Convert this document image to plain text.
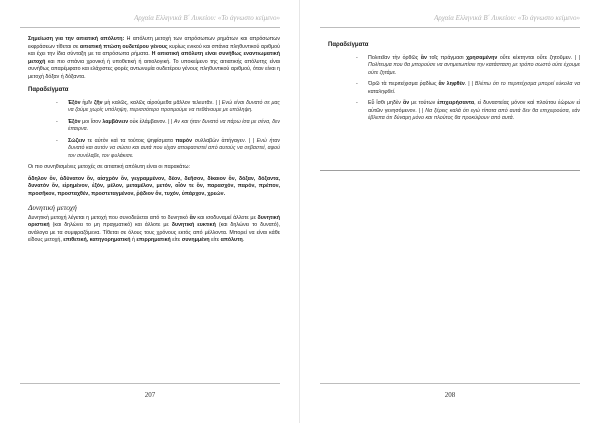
Αρχαία Ελληνικά Β΄ Λυκείου: «Το άγνωστο κείμενο»

Σημείωση για την αιτιατική απόλυτη: Η απόλυτη μετοχή των απρόσωπων ρημάτων και απρόσωπων εκφράσεων τίθεται σε αιτιατική πτώση ουδετέρου γένους κυρίως ενικού και σπάνια πληθυντικού αριθμού και έχει την ίδια σύνταξη με τα απρόσωπα ρήματα. Η αιτιατική απόλυτη είναι συνήθως εναντιωματική μετοχή και πιο σπάνια χρονική ή υποθετική ή αιτιολογική. Το υποκείμενο της αιτιατικής απόλυτης είναι συνήθως απαρέμφατο και ελάχιστες φορές αντωνυμία ουδετέρου γένους πληθυντικού αριθμού, όταν είναι η μετοχή δόξαν ή δόξαντα.

Παραδείγματα
- Ἐξὸν ἡμῖν ζῆν μὴ καλῶς, καλῶς αἱρούμεθα μᾶλλον τελευτᾶν. | | Ενώ είναι δυνατό σε μας να ζούμε χωρίς υπόληψη, περισσότερο προτιμούμε να πεθάνουμε με υπόληψη.
- Ἐξὸν μοι ἴσον λαμβάνειν οὐκ ἐλάμβανον. | | Αν και ήταν δυνατό να πάρω ίσα με σένα, δεν έπαιρνα.
- Σώζειν τε αὐτὸν καὶ τα τούτοις ψηφίσματα παρὸν συλλαβὼν ἀπήγαγεν. | | Ενώ ήταν δυνατό και αυτόν να σώσει και αυτά που είχαν αποφασιστεί από αυτούς να σεβαστεί, αφού τον συνέλαβε, τον φυλάκισε.

Οι πιο συνηθισμένες μετοχές σε αιτιατική απόλυτη είναι οι παρακάτω:

ἄδηλον ὄν, ἀδύνατον ὄν, αἰσχρὸν ὄν, γεγραμμένον, δέον, δεῆσον, δίκαιον ὄν, δόξαν, δόξαντα, δυνατὸν ὄν, εἰρημένον, ἐξόν, μέλον, μεταμέλον, μετόν, οἷόν τε ὄν, παρασχόν, παρόν, πρέπον, προσῆκον, προσταχθέν, προστεταγμένον, ῥᾴδιον ὄν, τυχόν, ὑπάρχον, χρεών.

Δυνητική μετοχή

Δυνητική μετοχή λέγεται η μετοχή που συνοδεύεται από το δυνητικό ἄν και ισοδυναμεί άλλοτε με δυνητική οριστική (και δηλώνει το μη πραγματικό) και άλλοτε με δυνητική ευκτική (και δηλώνει το δυνατό), ανάλογα με τα συμφραζόμενα. Τίθεται σε όλους τους χρόνους εκτός από μέλλοντα. Μπορεί να είναι κάθε είδους μετοχή, επιθετική, κατηγορηματική ή επιρρηματική είτε συνημμένη είτε απόλυτη.

207
Αρχαία Ελληνικά Β΄ Λυκείου: «Το άγνωστο κείμενο»
Παραδείγματα
- Πολιτεῖαν τὴν ὀρθῶς ἂν τοῖς πράγμασι χρησαμένην οὔτε κέκτηνται οὔτε ζητοῦμεν. | | Πολίτευμα που θα μπορούσε να αντιμετωπίσει την κατάσταση με τρόπο σωστό ούτε έχουμε ούτε ζητάμε.
- Ὁρῶ τὰ περιτείχισμα ῥᾳδίως ἂν ληφθέν. | | Βλέπω ότι το περιτείχισμα μπορεί εύκολα να καταληφθεί.
- Εὖ ἴσθι μηδὲν ἂν με τούτων ἐπιχειρήσαντα, εἰ δυναστείας μόνον καὶ πλούτου ἑώρων εἰ αὐτῶν γενησόμενον. | | Να ξέρεις καλά ότι εγώ τίποτα από αυτά δεν θα επιχειρούσα, εάν έβλεπα ότι δύναμη μόνο και πλούτος θα προκύψουν από αυτά.
208
